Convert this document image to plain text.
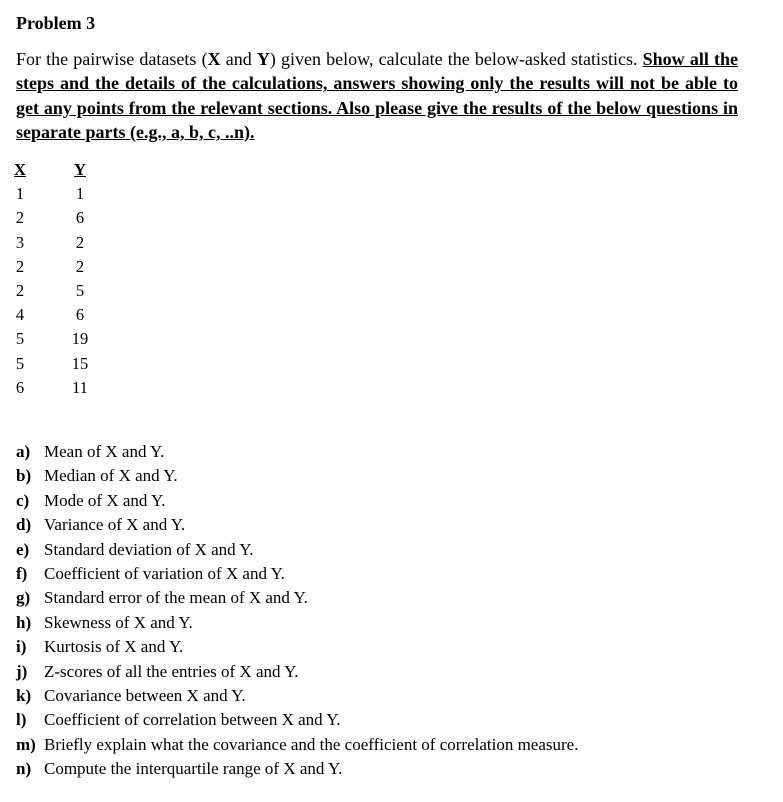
Problem 3
For the pairwise datasets (X and Y) given below, calculate the below-asked statistics. Show all the steps and the details of the calculations, answers showing only the results will not be able to get any points from the relevant sections. Also please give the results of the below questions in separate parts (e.g., a, b, c, ..n).
X
1
2
3
2
2
4
5
5
6
Y
1
6
2
2
5
6
19
15
11
a) Mean of X and Y.
b) Median of X and Y.
c) Mode of X and Y.
d) Variance of X and Y.
e) Standard deviation of X and Y.
f) Coefficient of variation of X and Y.
g) Standard error of the mean of X and Y.
h) Skewness of X and Y.
i) Kurtosis of X and Y.
j) Z-scores of all the entries of X and Y.
k) Covariance between X and Y.
l) Coefficient of correlation between X and Y.
m) Briefly explain what the covariance and the coefficient of correlation measure.
n) Compute the interquartile range of X and Y.
